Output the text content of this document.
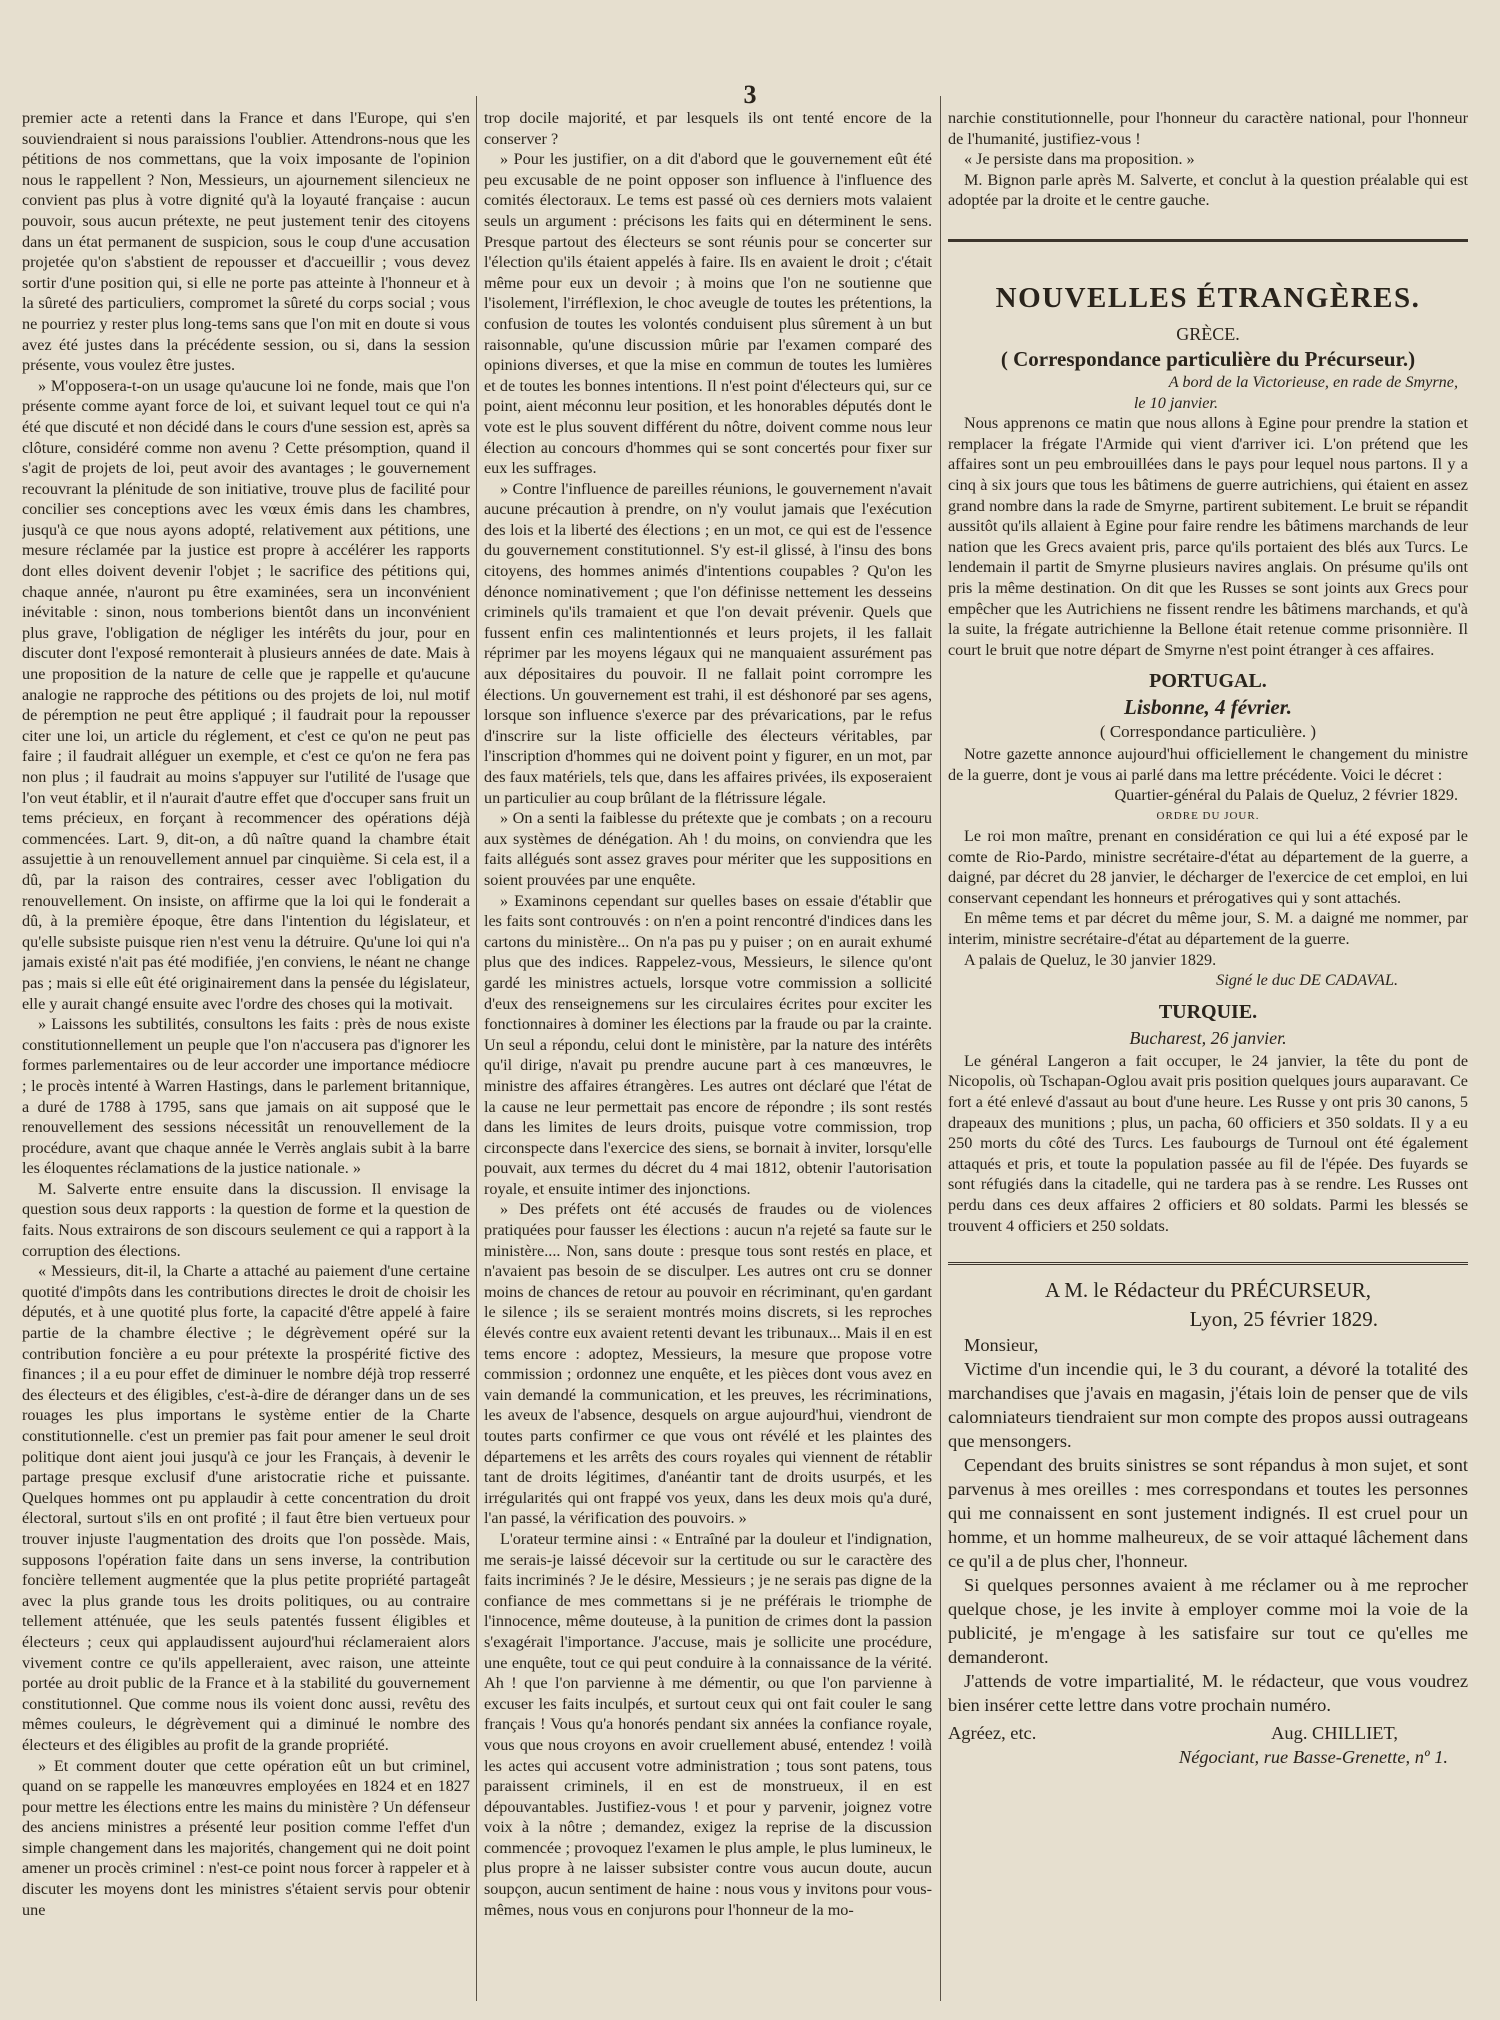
3

premier acte a retenti dans la France et dans l'Europe, qui s'en souviendraient si nous paraissions l'oublier. Attendrons-nous que les pétitions de nos commettans, que la voix imposante de l'opinion nous le rappellent ? Non, Messieurs, un ajournement silencieux ne convient pas plus à votre dignité qu'à la loyauté française : aucun pouvoir, sous aucun prétexte, ne peut justement tenir des citoyens dans un état permanent de suspicion, sous le coup d'une accusation projetée qu'on s'abstient de repousser et d'accueillir ; vous devez sortir d'une position qui, si elle ne porte pas atteinte à l'honneur et à la sûreté des particuliers, compromet la sûreté du corps social ; vous ne pourriez y rester plus long-tems sans que l'on mit en doute si vous avez été justes dans la précédente session, ou si, dans la session présente, vous voulez être justes.

» M'opposera-t-on un usage qu'aucune loi ne fonde, mais que l'on présente comme ayant force de loi, et suivant lequel tout ce qui n'a été que discuté et non décidé dans le cours d'une session est, après sa clôture, considéré comme non avenu ? Cette présomption, quand il s'agit de projets de loi, peut avoir des avantages ; le gouvernement recouvrant la plénitude de son initiative, trouve plus de facilité pour concilier ses conceptions avec les vœux émis dans les chambres, jusqu'à ce que nous ayons adopté, relativement aux pétitions, une mesure réclamée par la justice est propre à accélérer les rapports dont elles doivent devenir l'objet ; le sacrifice des pétitions qui, chaque année, n'auront pu être examinées, sera un inconvénient inévitable : sinon, nous tomberions bientôt dans un inconvénient plus grave, l'obligation de négliger les intérêts du jour, pour en discuter dont l'exposé remonterait à plusieurs années de date. Mais à une proposition de la nature de celle que je rappelle et qu'aucune analogie ne rapproche des pétitions ou des projets de loi, nul motif de péremption ne peut être appliqué ; il faudrait pour la repousser citer une loi, un article du réglement, et c'est ce qu'on ne peut pas faire ; il faudrait alléguer un exemple, et c'est ce qu'on ne fera pas non plus ; il faudrait au moins s'appuyer sur l'utilité de l'usage que l'on veut établir, et il n'aurait d'autre effet que d'occuper sans fruit un tems précieux, en forçant à recommencer des opérations déjà commencées. Lart. 9, dit-on, a dû naître quand la chambre était assujettie à un renouvellement annuel par cinquième. Si cela est, il a dû, par la raison des contraires, cesser avec l'obligation du renouvellement. On insiste, on affirme que la loi qui le fonderait a dû, à la première époque, être dans l'intention du législateur, et qu'elle subsiste puisque rien n'est venu la détruire. Qu'une loi qui n'a jamais existé n'ait pas été modifiée, j'en conviens, le néant ne change pas ; mais si elle eût été originairement dans la pensée du législateur, elle y aurait changé ensuite avec l'ordre des choses qui la motivait.

» Laissons les subtilités, consultons les faits : près de nous existe constitutionnellement un peuple que l'on n'accusera pas d'ignorer les formes parlementaires ou de leur accorder une importance médiocre ; le procès intenté à Warren Hastings, dans le parlement britannique, a duré de 1788 à 1795, sans que jamais on ait supposé que le renouvellement des sessions nécessitât un renouvellement de la procédure, avant que chaque année le Verrès anglais subit à la barre les éloquentes réclamations de la justice nationale. »

M. Salverte entre ensuite dans la discussion. Il envisage la question sous deux rapports : la question de forme et la question de faits. Nous extrairons de son discours seulement ce qui a rapport à la corruption des élections.

« Messieurs, dit-il, la Charte a attaché au paiement d'une certaine quotité d'impôts dans les contributions directes le droit de choisir les députés, et à une quotité plus forte, la capacité d'être appelé à faire partie de la chambre élective ; le dégrèvement opéré sur la contribution foncière a eu pour prétexte la prospérité fictive des finances ; il a eu pour effet de diminuer le nombre déjà trop resserré des électeurs et des éligibles, c'est-à-dire de déranger dans un de ses rouages les plus importans le système entier de la Charte constitutionnelle. c'est un premier pas fait pour amener le seul droit politique dont aient joui jusqu'à ce jour les Français, à devenir le partage presque exclusif d'une aristocratie riche et puissante. Quelques hommes ont pu applaudir à cette concentration du droit électoral, surtout s'ils en ont profité ; il faut être bien vertueux pour trouver injuste l'augmentation des droits que l'on possède. Mais, supposons l'opération faite dans un sens inverse, la contribution foncière tellement augmentée que la plus petite propriété partageât avec la plus grande tous les droits politiques, ou au contraire tellement atténuée, que les seuls patentés fussent éligibles et électeurs ; ceux qui applaudissent aujourd'hui réclameraient alors vivement contre ce qu'ils appelleraient, avec raison, une atteinte portée au droit public de la France et à la stabilité du gouvernement constitutionnel. Que comme nous ils voient donc aussi, revêtu des mêmes couleurs, le dégrèvement qui a diminué le nombre des électeurs et des éligibles au profit de la grande propriété.

» Et comment douter que cette opération eût un but criminel, quand on se rappelle les manœuvres employées en 1824 et en 1827 pour mettre les élections entre les mains du ministère ? Un défenseur des anciens ministres a présenté leur position comme l'effet d'un simple changement dans les majorités, changement qui ne doit point amener un procès criminel : n'est-ce point nous forcer à rappeler et à discuter les moyens dont les ministres s'étaient servis pour obtenir une

trop docile majorité, et par lesquels ils ont tenté encore de la conserver ?

» Pour les justifier, on a dit d'abord que le gouvernement eût été peu excusable de ne point opposer son influence à l'influence des comités électoraux. Le tems est passé où ces derniers mots valaient seuls un argument : précisons les faits qui en déterminent le sens. Presque partout des électeurs se sont réunis pour se concerter sur l'élection qu'ils étaient appelés à faire. Ils en avaient le droit ; c'était même pour eux un devoir ; à moins que l'on ne soutienne que l'isolement, l'irréflexion, le choc aveugle de toutes les prétentions, la confusion de toutes les volontés conduisent plus sûrement à un but raisonnable, qu'une discussion mûrie par l'examen comparé des opinions diverses, et que la mise en commun de toutes les lumières et de toutes les bonnes intentions. Il n'est point d'électeurs qui, sur ce point, aient méconnu leur position, et les honorables députés dont le vote est le plus souvent différent du nôtre, doivent comme nous leur élection au concours d'hommes qui se sont concertés pour fixer sur eux les suffrages.

» Contre l'influence de pareilles réunions, le gouvernement n'avait aucune précaution à prendre, on n'y voulut jamais que l'exécution des lois et la liberté des élections ; en un mot, ce qui est de l'essence du gouvernement constitutionnel. S'y est-il glissé, à l'insu des bons citoyens, des hommes animés d'intentions coupables ? Qu'on les dénonce nominativement ; que l'on définisse nettement les desseins criminels qu'ils tramaient et que l'on devait prévenir. Quels que fussent enfin ces malintentionnés et leurs projets, il les fallait réprimer par les moyens légaux qui ne manquaient assurément pas aux dépositaires du pouvoir. Il ne fallait point corrompre les élections. Un gouvernement est trahi, il est déshonoré par ses agens, lorsque son influence s'exerce par des prévarications, par le refus d'inscrire sur la liste officielle des électeurs véritables, par l'inscription d'hommes qui ne doivent point y figurer, en un mot, par des faux matériels, tels que, dans les affaires privées, ils exposeraient un particulier au coup brûlant de la flétrissure légale.

» On a senti la faiblesse du prétexte que je combats ; on a recouru aux systèmes de dénégation. Ah ! du moins, on conviendra que les faits allégués sont assez graves pour mériter que les suppositions en soient prouvées par une enquête.

» Examinons cependant sur quelles bases on essaie d'établir que les faits sont controuvés : on n'en a point rencontré d'indices dans les cartons du ministère... On n'a pas pu y puiser ; on en aurait exhumé plus que des indices. Rappelez-vous, Messieurs, le silence qu'ont gardé les ministres actuels, lorsque votre commission a sollicité d'eux des renseignemens sur les circulaires écrites pour exciter les fonctionnaires à dominer les élections par la fraude ou par la crainte. Un seul a répondu, celui dont le ministère, par la nature des intérêts qu'il dirige, n'avait pu prendre aucune part à ces manœuvres, le ministre des affaires étrangères. Les autres ont déclaré que l'état de la cause ne leur permettait pas encore de répondre ; ils sont restés dans les limites de leurs droits, puisque votre commission, trop circonspecte dans l'exercice des siens, se bornait à inviter, lorsqu'elle pouvait, aux termes du décret du 4 mai 1812, obtenir l'autorisation royale, et ensuite intimer des injonctions.

» Des préfets ont été accusés de fraudes ou de violences pratiquées pour fausser les élections : aucun n'a rejeté sa faute sur le ministère.... Non, sans doute : presque tous sont restés en place, et n'avaient pas besoin de se disculper. Les autres ont cru se donner moins de chances de retour au pouvoir en récriminant, qu'en gardant le silence ; ils se seraient montrés moins discrets, si les reproches élevés contre eux avaient retenti devant les tribunaux... Mais il en est tems encore : adoptez, Messieurs, la mesure que propose votre commission ; ordonnez une enquête, et les pièces dont vous avez en vain demandé la communication, et les preuves, les récriminations, les aveux de l'absence, desquels on argue aujourd'hui, viendront de toutes parts confirmer ce que vous ont révélé et les plaintes des départemens et les arrêts des cours royales qui viennent de rétablir tant de droits légitimes, d'anéantir tant de droits usurpés, et les irrégularités qui ont frappé vos yeux, dans les deux mois qu'a duré, l'an passé, la vérification des pouvoirs. »

L'orateur termine ainsi : « Entraîné par la douleur et l'indignation, me serais-je laissé décevoir sur la certitude ou sur le caractère des faits incriminés ? Je le désire, Messieurs ; je ne serais pas digne de la confiance de mes commettans si je ne préférais le triomphe de l'innocence, même douteuse, à la punition de crimes dont la passion s'exagérait l'importance. J'accuse, mais je sollicite une procédure, une enquête, tout ce qui peut conduire à la connaissance de la vérité. Ah ! que l'on parvienne à me démentir, ou que l'on parvienne à excuser les faits inculpés, et surtout ceux qui ont fait couler le sang français ! Vous qu'a honorés pendant six années la confiance royale, vous que nous croyons en avoir cruellement abusé, entendez ! voilà les actes qui accusent votre administration ; tous sont patens, tous paraissent criminels, il en est de monstrueux, il en est dépouvantables. Justifiez-vous ! et pour y parvenir, joignez votre voix à la nôtre ; demandez, exigez la reprise de la discussion commencée ; provoquez l'examen le plus ample, le plus lumineux, le plus propre à ne laisser subsister contre vous aucun doute, aucun soupçon, aucun sentiment de haine : nous vous y invitons pour vous-mêmes, nous vous en conjurons pour l'honneur de la mo-

narchie constitutionnelle, pour l'honneur du caractère national, pour l'honneur de l'humanité, justifiez-vous !

« Je persiste dans ma proposition. »

M. Bignon parle après M. Salverte, et conclut à la question préalable qui est adoptée par la droite et le centre gauche.

NOUVELLES ÉTRANGÈRES.
GRÈCE.
( Correspondance particulière du Précurseur.)
A bord de la Victorieuse, en rade de Smyrne,
le 10 janvier.

Nous apprenons ce matin que nous allons à Egine pour prendre la station et remplacer la frégate l'Armide qui vient d'arriver ici. L'on prétend que les affaires sont un peu embrouillées dans le pays pour lequel nous partons. Il y a cinq à six jours que tous les bâtimens de guerre autrichiens, qui étaient en assez grand nombre dans la rade de Smyrne, partirent subitement. Le bruit se répandit aussitôt qu'ils allaient à Egine pour faire rendre les bâtimens marchands de leur nation que les Grecs avaient pris, parce qu'ils portaient des blés aux Turcs. Le lendemain il partit de Smyrne plusieurs navires anglais. On présume qu'ils ont pris la même destination. On dit que les Russes se sont joints aux Grecs pour empêcher que les Autrichiens ne fissent rendre les bâtimens marchands, et qu'à la suite, la frégate autrichienne la Bellone était retenue comme prisonnière. Il court le bruit que notre départ de Smyrne n'est point étranger à ces affaires.

PORTUGAL.
Lisbonne, 4 février.
( Correspondance particulière. )

Notre gazette annonce aujourd'hui officiellement le changement du ministre de la guerre, dont je vous ai parlé dans ma lettre précédente. Voici le décret :

Quartier-général du Palais de Queluz, 2 février 1829.
ORDRE DU JOUR.

Le roi mon maître, prenant en considération ce qui lui a été exposé par le comte de Rio-Pardo, ministre secrétaire-d'état au département de la guerre, a daigné, par décret du 28 janvier, le décharger de l'exercice de cet emploi, en lui conservant cependant les honneurs et prérogatives qui y sont attachés.

En même tems et par décret du même jour, S. M. a daigné me nommer, par interim, ministre secrétaire-d'état au département de la guerre.

A palais de Queluz, le 30 janvier 1829.

Signé le duc DE CADAVAL.
TURQUIE.
Bucharest, 26 janvier.

Le général Langeron a fait occuper, le 24 janvier, la tête du pont de Nicopolis, où Tschapan-Oglou avait pris position quelques jours auparavant. Ce fort a été enlevé d'assaut au bout d'une heure. Les Russe y ont pris 30 canons, 5 drapeaux des munitions ; plus, un pacha, 60 officiers et 350 soldats. Il y a eu 250 morts du côté des Turcs. Les faubourgs de Turnoul ont été également attaqués et pris, et toute la population passée au fil de l'épée. Des fuyards se sont réfugiés dans la citadelle, qui ne tardera pas à se rendre. Les Russes ont perdu dans ces deux affaires 2 officiers et 80 soldats. Parmi les blessés se trouvent 4 officiers et 250 soldats.

A M. le Rédacteur du PRÉCURSEUR,
Lyon, 25 février 1829.

Monsieur,

Victime d'un incendie qui, le 3 du courant, a dévoré la totalité des marchandises que j'avais en magasin, j'étais loin de penser que de vils calomniateurs tiendraient sur mon compte des propos aussi outrageans que mensongers.

Cependant des bruits sinistres se sont répandus à mon sujet, et sont parvenus à mes oreilles : mes correspondans et toutes les personnes qui me connaissent en sont justement indignés. Il est cruel pour un homme, et un homme malheureux, de se voir attaqué lâchement dans ce qu'il a de plus cher, l'honneur.

Si quelques personnes avaient à me réclamer ou à me reprocher quelque chose, je les invite à employer comme moi la voie de la publicité, je m'engage à les satisfaire sur tout ce qu'elles me demanderont.

J'attends de votre impartialité, M. le rédacteur, que vous voudrez bien insérer cette lettre dans votre prochain numéro.

Agréez, etc.	Aug. CHILLIET,
Négociant, rue Basse-Grenette, nº 1.
